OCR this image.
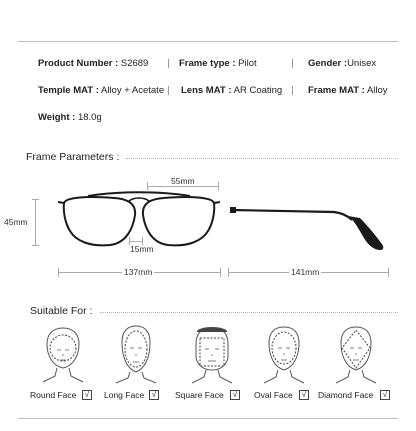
Product Number : S2689	Frame type : Pilot	Gender :Unisex
Temple MAT : Alloy + Acetate Lens MAT : AR Coating	Frame MAT : Alloy
Weight : 18.0g
Frame Parameters :
55mm
45mm
15mm
137mm	141mm
Suitable For :
Round Face	√	Long Face √	Square Face	√	Oval Face	√	Diamond Face	√
